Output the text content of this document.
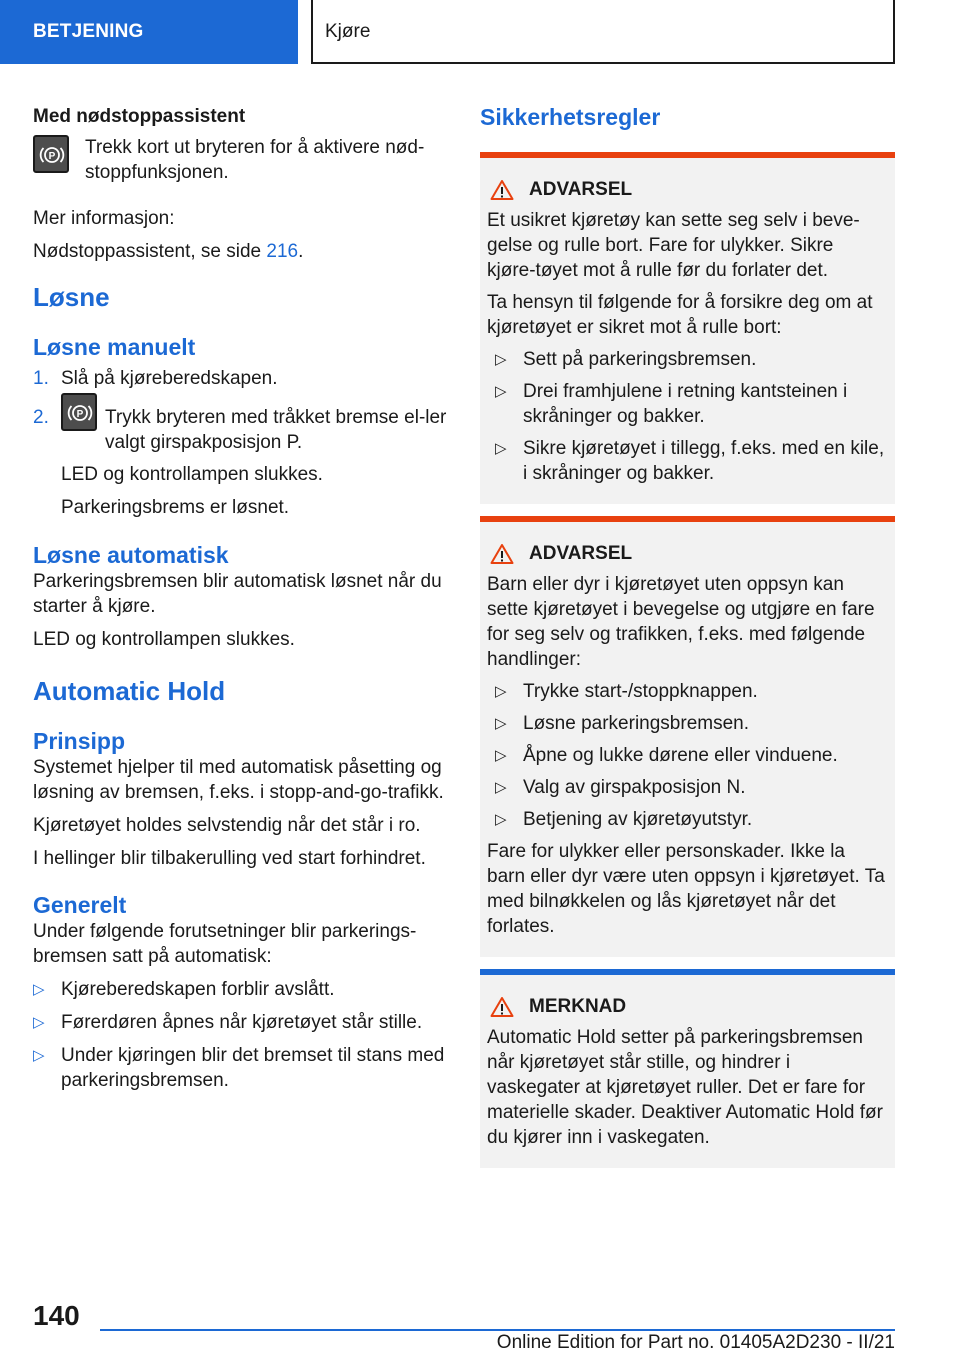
BETJENING	Kjøre

Med nødstoppassistent

P Trekk kort ut bryteren for å aktivere nød-stoppfunksjonen.

Mer informasjon:

Nødstoppassistent, se side 216.

Løsne
Løsne manuelt
1. Slå på kjøreberedskapen.
2.	P Trykk bryteren med tråkket bremse el-ler valgt girspakposisjon P.

LED og kontrollampen slukkes.

Parkeringsbrems er løsnet.

Løsne automatisk

Parkeringsbremsen blir automatisk løsnet når du starter å kjøre.

LED og kontrollampen slukkes.

Automatic Hold
Prinsipp

Systemet hjelper til med automatisk påsetting og løsning av bremsen, f.eks. i stopp-and-go-trafikk.

Kjøretøyet holdes selvstendig når det står i ro.

I hellinger blir tilbakerulling ved start forhindret.

Generelt

Under følgende forutsetninger blir parkerings-bremsen satt på automatisk:

▷ Kjøreberedskapen forblir avslått.
▷ Førerdøren åpnes når kjøretøyet står stille.
▷ Under kjøringen blir det bremset til stans med parkeringsbremsen.
Sikkerhetsregler
ADVARSEL

Et usikret kjøretøy kan sette seg selv i beve-gelse og rulle bort. Fare for ulykker. Sikre kjøre-tøyet mot å rulle før du forlater det.

Ta hensyn til følgende for å forsikre deg om at kjøretøyet er sikret mot å rulle bort:

▷ Sett på parkeringsbremsen.
▷ Drei framhjulene i retning kantsteinen i skråninger og bakker.
▷ Sikre kjøretøyet i tillegg, f.eks. med en kile, i skråninger og bakker.
ADVARSEL

Barn eller dyr i kjøretøyet uten oppsyn kan sette kjøretøyet i bevegelse og utgjøre en fare for seg selv og trafikken, f.eks. med følgende handlinger:

▷ Trykke start-/stoppknappen.
▷ Løsne parkeringsbremsen.
▷ Åpne og lukke dørene eller vinduene.
▷ Valg av girspakposisjon N.
▷ Betjening av kjøretøyutstyr.

Fare for ulykker eller personskader. Ikke la barn eller dyr være uten oppsyn i kjøretøyet. Ta med bilnøkkelen og lås kjøretøyet når det forlates.

MERKNAD

Automatic Hold setter på parkeringsbremsen når kjøretøyet står stille, og hindrer i vaskegater at kjøretøyet ruller. Det er fare for materielle skader. Deaktiver Automatic Hold før du kjører inn i vaskegaten.

140
Online Edition for Part no. 01405A2D230 - II/21
